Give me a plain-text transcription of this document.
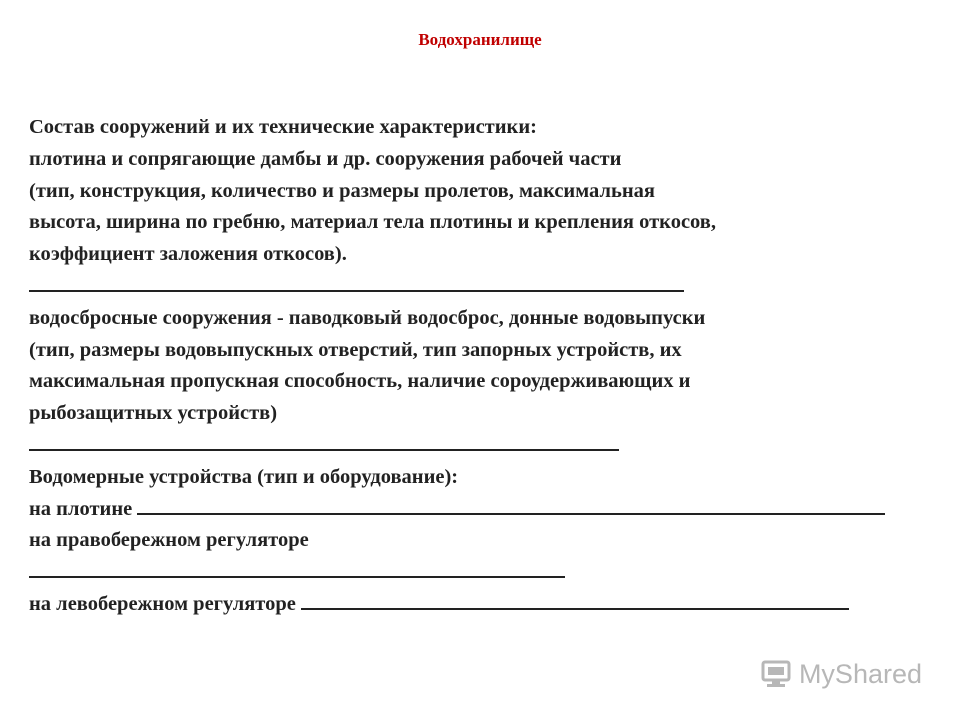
Водохранилище
Состав сооружений и их технические характеристики:
плотина и сопрягающие дамбы и др. сооружения рабочей части
(тип, конструкция, количество и размеры пролетов, максимальная
высота, ширина по гребню, материал тела плотины и крепления откосов,
коэффициент заложения откосов).
водосбросные сооружения - паводковый водосброс, донные водовыпуски
(тип, размеры водовыпускных отверстий, тип запорных устройств, их
максимальная пропускная способность, наличие сороудерживающих и
рыбозащитных устройств)
Водомерные устройства (тип и оборудование):
на плотине
на правобережном регуляторе
на левобережном регуляторе
MyShared
